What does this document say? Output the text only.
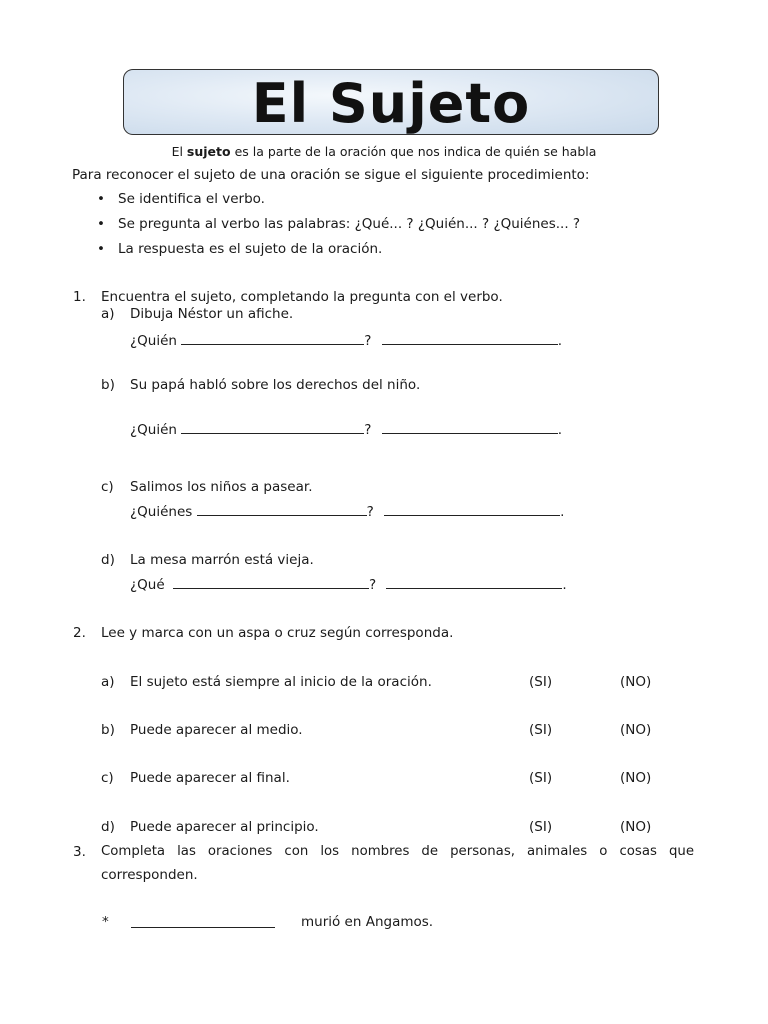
El Sujeto
El sujeto es la parte de la oración que nos indica de quién se habla
Para reconocer el sujeto de una oración se sigue el siguiente procedimiento:
• Se identifica el verbo.
• Se pregunta al verbo las palabras: ¿Qué... ? ¿Quién... ? ¿Quiénes... ?
• La respuesta es el sujeto de la oración.
1. Encuentra el sujeto, completando la pregunta con el verbo.
a) Dibuja Néstor un afiche.
¿Quién	?	.
b) Su papá habló sobre los derechos del niño.
¿Quién	?	.
c) Salimos los niños a pasear.
¿Quiénes	?	.
d) La mesa marrón está vieja.
¿Qué	?	.
2. Lee y marca con un aspa o cruz según corresponda.
a) El sujeto está siempre al inicio de la oración.	(SI)	(NO)
b) Puede aparecer al medio.	(SI)	(NO)
c) Puede aparecer al final.	(SI)	(NO)
d) Puede aparecer al principio.	(SI)	(NO)
3. Completa las oraciones con los nombres de personas, animales o cosas que
corresponden.
*	murió en Angamos.
